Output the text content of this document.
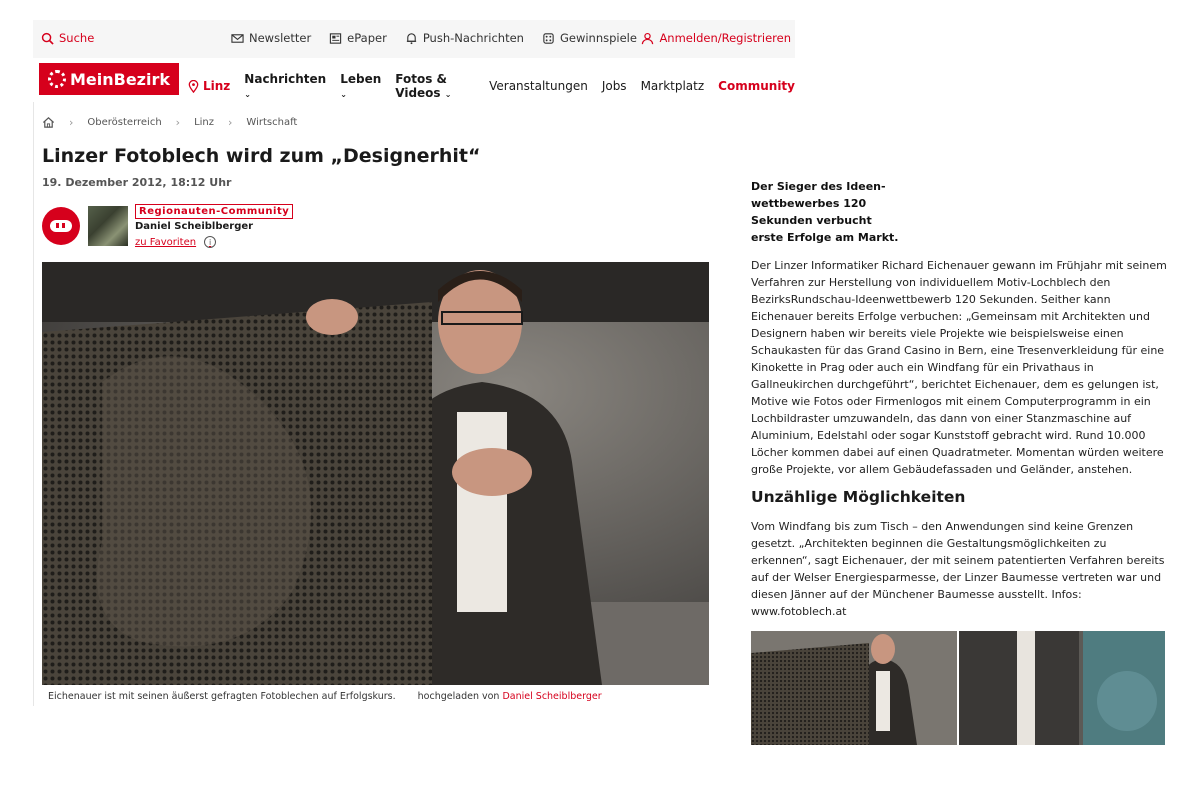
Suche	Newsletter	ePaper	Push-Nachrichten	Gewinnspiele Anmelden/Registrieren
MeinBezirk	Linz Nachrichten ⌄
Leben ⌄
Fotos & Videos ⌄
Veranstaltungen Jobs Marktplatz Community
› Oberösterreich › Linz › Wirtschaft
Linzer Fotoblech wird zum „Designerhit“
19. Dezember 2012, 18:12 Uhr
Regionauten-Community
Daniel Scheiblberger
zu Favoriten	i
Eichenauer ist mit seinen äußerst gefragten Fotoblechen auf Erfolgskurs. hochgeladen von Daniel Scheiblberger
Der Sieger des Ideen-wettbewerbes 120 Sekunden verbucht erste Erfolge am Markt.

Der Linzer Informatiker Richard Eichenauer gewann im Frühjahr mit seinem Verfahren zur Herstellung von individuellem Motiv-Lochblech den BezirksRundschau-Ideenwettbewerb 120 Sekunden. Seither kann Eichenauer bereits Erfolge verbuchen: „Gemeinsam mit Architekten und Designern haben wir bereits viele Projekte wie beispielsweise einen Schaukasten für das Grand Casino in Bern, eine Tresenverkleidung für eine Kinokette in Prag oder auch ein Windfang für ein Privathaus in Gallneukirchen durchgeführt“, berichtet Eichenauer, dem es gelungen ist, Motive wie Fotos oder Firmenlogos mit einem Computerprogramm in ein Lochbildraster umzuwandeln, das dann von einer Stanzmaschine auf Aluminium, Edelstahl oder sogar Kunststoff gebracht wird. Rund 10.000 Löcher kommen dabei auf einen Quadratmeter. Momentan würden weitere große Projekte, vor allem Gebäudefassaden und Geländer, anstehen.

Unzählige Möglichkeiten

Vom Windfang bis zum Tisch – den Anwendungen sind keine Grenzen gesetzt. „Architekten beginnen die Gestaltungsmöglichkeiten zu erkennen“, sagt Eichenauer, der mit seinem patentierten Verfahren bereits auf der Welser Energiesparmesse, der Linzer Baumesse vertreten war und diesen Jänner auf der Münchener Baumesse ausstellt. Infos: www.fotoblech.at
